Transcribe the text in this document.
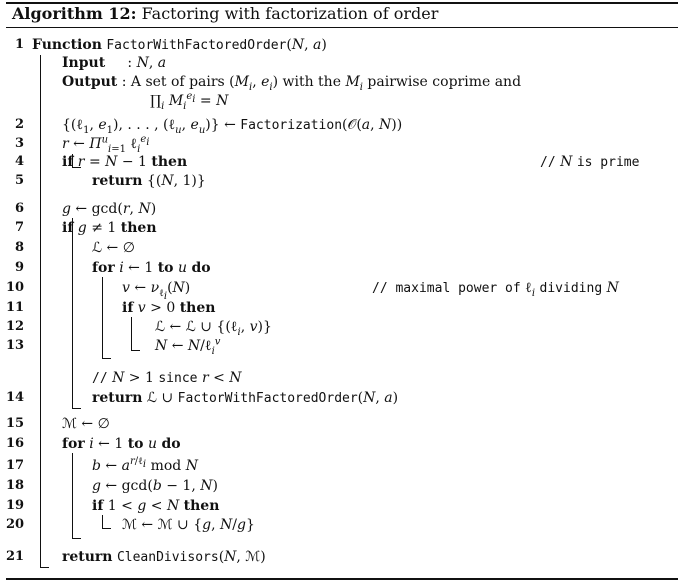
Algorithm 12: Factoring with factorization of order
1
2
3
4
5
6
7
8
9
10
11
12
13
14
15
16
17
18
19
20
21
Function FactorWithFactoredOrder(N, a)
Input     : N, a
Output : A set of pairs ($M_i$, $e_i$) with the $M_i$ pairwise coprime and
$\prod_i$ $M_i^{e_i} = N$
{(ℓ$_1$, $e_1$), . . . , (ℓ$_u$, $e_u$)} ← Factorization(𝒪(a, N))
r ← $\Pi^u_{i=1}$ ℓ$_i^{e_i}$
if r = N − 1 then	// N is prime
return {(N, 1)}
g ← gcd(r, N)
if g ≠ 1 then
ℒ ← ∅
for i ← 1 to u do
v ← $\nu_{\ell_i}(N)$	// maximal power of ℓ$_i$ dividing N
if v > 0 then
ℒ ← ℒ ∪ {(ℓ$_i$, v)}
N ← N/ℓ$_i^v$
// N > 1 since r < N
return ℒ ∪ FactorWithFactoredOrder(N, a)
ℳ ← ∅
for i ← 1 to u do
b ← $a^{r/\ell_i}$ mod N
g ← gcd(b − 1, N)
if 1 < g < N then
ℳ ← ℳ ∪ {g, N/g}
return CleanDivisors(N, ℳ)
